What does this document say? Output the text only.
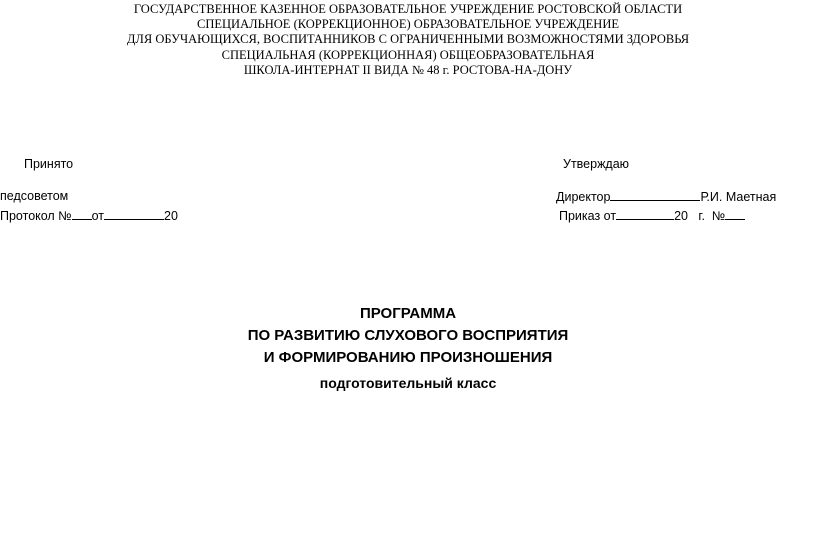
ГОСУДАРСТВЕННОЕ КАЗЕННОЕ ОБРАЗОВАТЕЛЬНОЕ УЧРЕЖДЕНИЕ РОСТОВСКОЙ ОБЛАСТИ
СПЕЦИАЛЬНОЕ (КОРРЕКЦИОННОЕ) ОБРАЗОВАТЕЛЬНОЕ УЧРЕЖДЕНИЕ
ДЛЯ ОБУЧАЮЩИХСЯ, ВОСПИТАННИКОВ С ОГРАНИЧЕННЫМИ ВОЗМОЖНОСТЯМИ ЗДОРОВЬЯ
СПЕЦИАЛЬНАЯ (КОРРЕКЦИОННАЯ) ОБЩЕОБРАЗОВАТЕЛЬНАЯ
ШКОЛА-ИНТЕРНАТ II ВИДА № 48 г. РОСТОВА-НА-ДОНУ
Принято
педсоветом
Протокол № от	20
Утверждаю
Директор	Р.И. Маетная
Приказ от	20 г. №
ПРОГРАММА
ПО РАЗВИТИЮ СЛУХОВОГО ВОСПРИЯТИЯ
И ФОРМИРОВАНИЮ ПРОИЗНОШЕНИЯ
подготовительный класс
